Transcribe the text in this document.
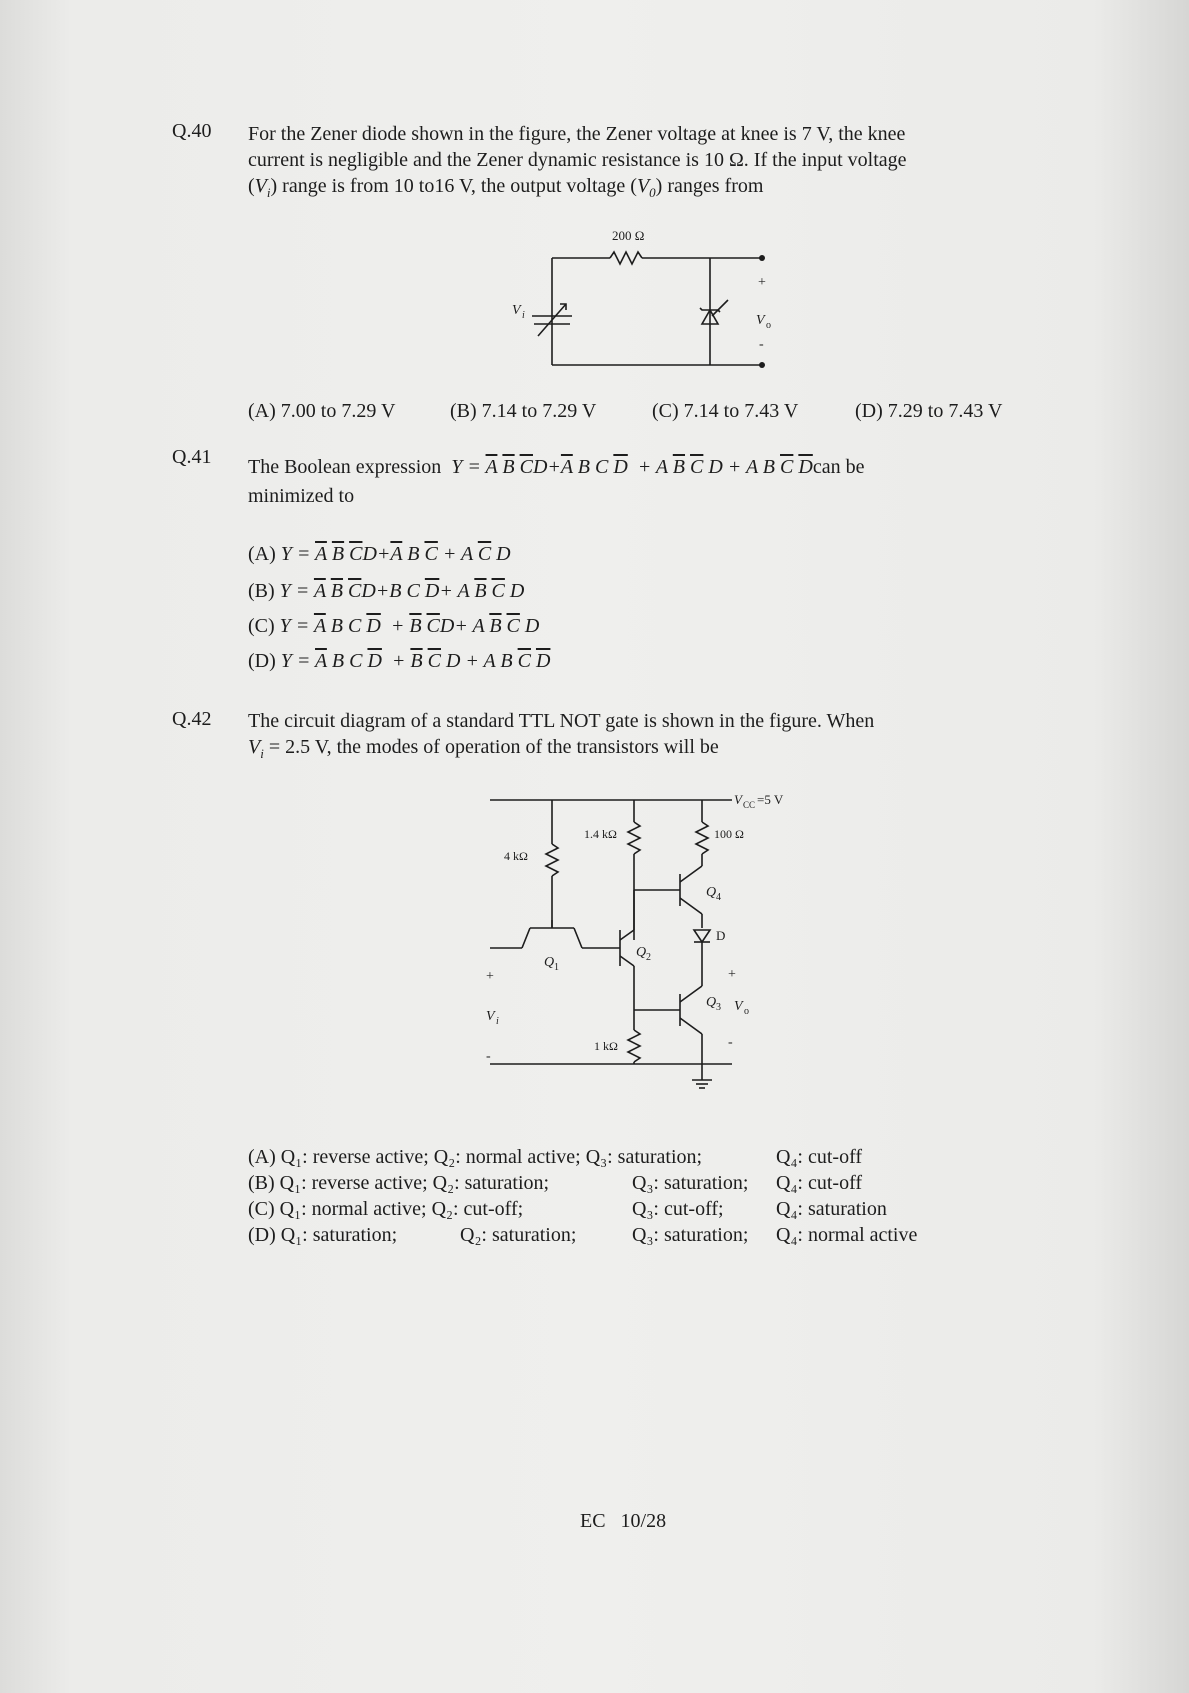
Q.40 For the Zener diode shown in the figure, the Zener voltage at knee is 7 V, the knee
current is negligible and the Zener dynamic resistance is 10 Ω. If the input voltage
$(V_i)$ range is from 10 to16 V, the output voltage $(V_0)$ ranges from
200 Ω
V i
+
V o
-
(A) 7.00 to 7.29 V	(B) 7.14 to 7.29 V	(C) 7.14 to 7.43 V	(D) 7.29 to 7.43 V
Q.41 The Boolean expression  $Y = \overline{A}$ $\overline{B}$ $\overline{C}D+\overline{A}$ B C $\overline{D} + A$ $\overline{B}$ $\overline{C}$ D + A B $\overline{C}$ $\overline{D}can$ be
minimized to
(A) $Y = \overline{A}$ $\overline{B}$ $\overline{C}D+\overline{A}$ B $\overline{C} + A$ $\overline{C}$ D
(B) $Y = \overline{A}$ $\overline{B}$ $\overline{C}D+B$ C $\overline{D}+ A$ $\overline{B}$ $\overline{C}$ D
(C) $Y = \overline{A}$ B C $\overline{D} + \overline{B}$ $\overline{C}D+ A$ $\overline{B}$ $\overline{C}$ D
(D) $Y = \overline{A}$ B C $\overline{D} + \overline{B}$ $\overline{C}$ D + A B $\overline{C}$ $\overline{D}$
Q.42 The circuit diagram of a standard TTL NOT gate is shown in the figure. When
$V_i = 2.5$ V, the modes of operation of the transistors will be
V CC =5 V
4 kΩ
1.4 kΩ	100 Ω
1 kΩ
Q 1
Q 2
Q 3
Q 4
D
+
V i
-
+
V o
-
(A) Q₁: reverse active; Q₂: normal active; Q₃: saturation;	Q₄: cut-off
(B) Q₁: reverse active; Q₂: saturation;	Q₃: saturation; Q₄: cut-off
(C) Q₁: normal active; Q₂: cut-off;	Q₃: cut-off;	Q₄: saturation
(D) Q₁: saturation;	Q₂: saturation;	Q₃: saturation; Q₄: normal active
EC   10/28
